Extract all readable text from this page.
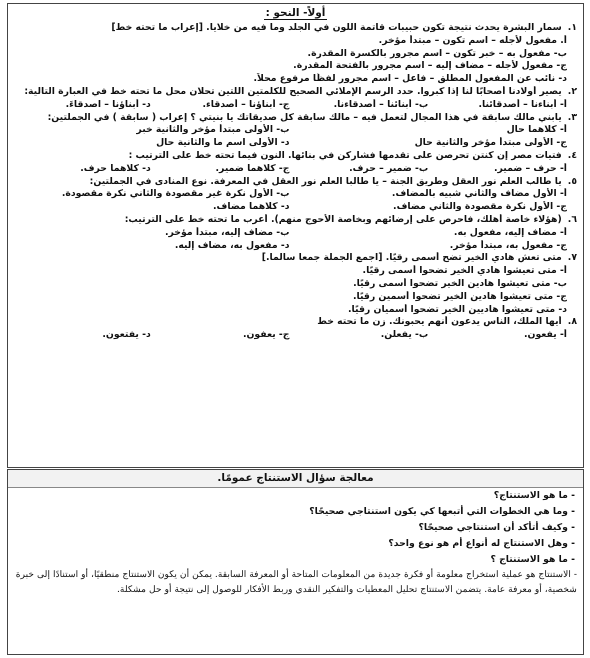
أولاً- النحو :
١. سمار البشرة يحدث نتيجة تكون حبيبات قاتمة اللون في الجلد وما فيه من خلايا. [إعراب ما تحته خط]
أ. مفعول لأجله – اسم تكون – مبتدأ مؤخر.
ب- مفعول به – خبر تكون – اسم مجرور بالكسرة المقدرة.
ج- مفعول لأجله – مضاف إليه – اسم مجرور بالفتحة المقدرة.
د- نائب عن المفعول المطلق – فاعل – اسم مجرور لفظًا مرفوع محلاً.
٢. يصير أولادنا أصحابًا لنا إذا كبروا. حدد الرسم الإملائي الصحيح للكلمتين اللتين تحلان محل ما تحته خط في العبارة التالية:
أ- أبناءنا – أصدقائنا.
ب- أبنائنا – أصدقاءنا.
ج- أبناؤنا – أصدقاء.
د- أبناؤنا – اصدقاءَ.
٣. يابني مالك سابقة في هذا المجال لتعمل فيه – مالك سابقة كل صديقاتك يا بنيتي ؟ إعراب ( سابقة ) في الجملتين:
أ- كلاهما حال
ب- الأولى مبتدأ مؤخر والثانية خبر
ج- الأولى مبتدأ مؤخر والثانية حال
د- الأولى اسم ما والثانية حال
٤. فتيات مصر إن كنتن تحرصن على تقدمها فشاركن في بنائها. النون فيما تحته خط على الترتيب :
أ- حرف – ضمير.
ب- ضمير – حرف.
ج- كلاهما ضمير.
د- كلاهما حرف.
٥. يا طالب العلم نور العقل وطريق الجنة – يا طالبا العلم نور العقل في المعرفة. نوع المنادى في الجملتين:
أ- الأول مضاف والثاني شبيه بالمضاف.
ب- الأول نكرة غير مقصودة والثاني نكرة مقصودة.
ج- الأول نكرة مقصودة والثاني مضاف.
د- كلاهما مضاف.
٦. (هؤلاء خاصة أهلك، فاحرص على إرضائهم وبخاصة الأحوج منهم). أعرب ما تحته خط على الترتيب:
أ- مضاف إليه، مفعول به.
ب- مضاف إليه، مبتدأ مؤخر.
ج- مفعول به، مبتدأ مؤخر.
د- مفعول به، مضاف إليه.
٧. متى تعش هادي الخير تضح أسمى رقيًا. [اجمع الجملة جمعا سالما.]
أ- متى تعيشوا هادي الخير تضحوا أسمى رقيًا.
ب- متى تعيشوا هادين الخير تضحوا أسمى رقيًا.
ج- متى تعيشوا هادين الخير تضحوا أسمين رقيًا.
د- متى تعيشوا هاديين الخير تضحوا أسميان رقيًا.
٨. أيها الملك، الناس يدعون أنهم يحبونك. زن ما تحته خط
أ- يفعون.
ب- يفعلن.
ج- يعفون.
د- يفتعون.
معالجة سؤال الاستنتاج عمومًا.
- ما هو الاستنتاج؟
- وما هي الخطوات التي أتبعها كي يكون استنتاجي صحيحًا؟
- وكيف أتأكد أن استنتاجي صحيحًا؟
- وهل الاستنتاج له أنواع أم هو نوع واحد؟
- ما هو الاستنتاج ؟
- الاستنتاج هو عملية استخراج معلومة أو فكرة جديدة من المعلومات المتاحة أو المعرفة السابقة. يمكن أن يكون الاستنتاج منطقيًا، أو استنادًا إلى خبرة شخصية، أو معرفة عامة. يتضمن الاستنتاج تحليل المعطيات والتفكير النقدي وربط الأفكار للوصول إلى نتيجة أو حل مشكلة.
